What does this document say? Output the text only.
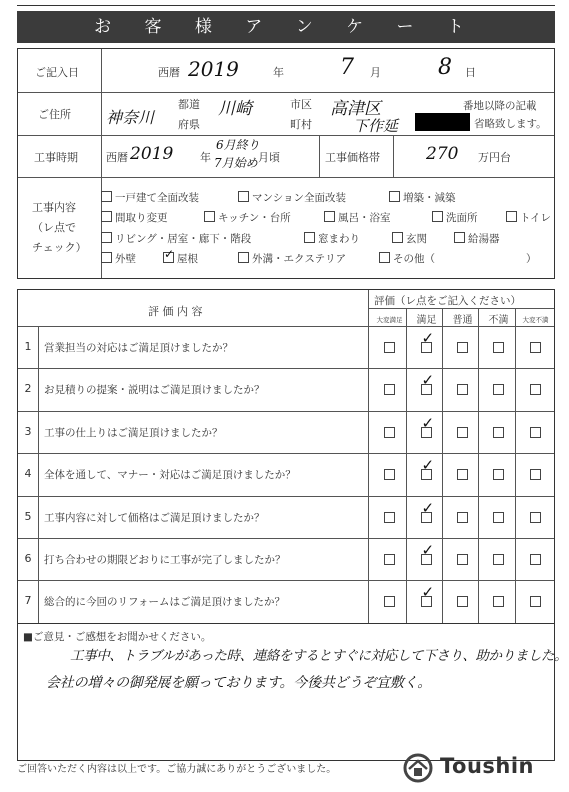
お 客 様 ア ン ケ ー ト
ご記入日	西暦 2019	年	7 月	8 日
ご住所 神奈川
都道
府県
川崎	市区
町村
高津区
下作延
番地以降の記載
省略致します。
工事時期	西暦 2019 年
6月終り
7月始め 月頃	工事価格帯	270 万円台
工事内容
（レ点で
チェック）
一戸建て全面改装	マンション全面改装	増築・減築
間取り変更	キッチン・台所	風呂・浴室	洗面所	トイレ
リビング・居室・廊下・階段	窓まわり	玄関	給湯器
外壁
✓	屋根	外溝・エクステリア	その他（	）
評 価 内 容
評価（レ点をご記入ください）
大変満足	満足	普通	不満	大変不満
1	営業担当の対応はご満足頂けましたか？
✓
2	お見積りの提案・説明はご満足頂けましたか？
✓
3	工事の仕上りはご満足頂けましたか？
✓
4	全体を通して、マナー・対応はご満足頂けましたか？
✓
5	工事内容に対して価格はご満足頂けましたか？
✓
6	打ち合わせの期限どおりに工事が完了しましたか？
✓
7	総合的に今回のリフォームはご満足頂けましたか？
✓
■ご意見・ご感想をお聞かせください。
工事中、トラブルがあった時、連絡をするとすぐに対応して下さり、助かりました。
会社の増々の御発展を願っております。今後共どうぞ宜敷く。
ご回答いただく内容は以上です。ご協力誠にありがとうございました。	Toushin
